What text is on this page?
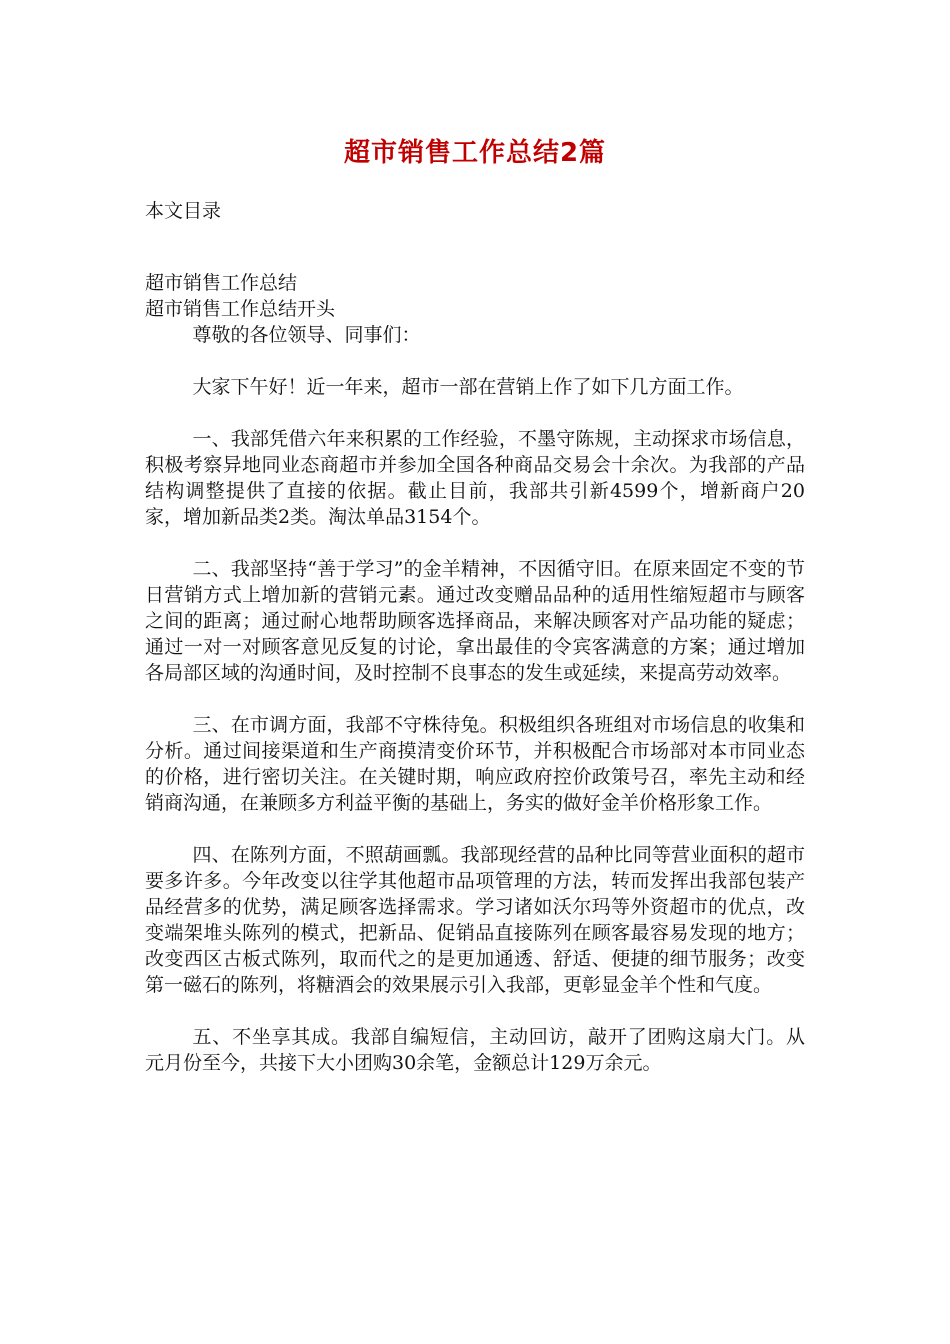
超市销售工作总结2篇
本文目录
超市销售工作总结
超市销售工作总结开头

尊敬的各位领导、同事们：

大家下午好！近一年来，超市一部在营销上作了如下几方面工作。

一、我部凭借六年来积累的工作经验，不墨守陈规，主动探求市场信息，积极考察异地同业态商超市并参加全国各种商品交易会十余次。为我部的产品结构调整提供了直接的依据。截止目前，我部共引新4599个，增新商户20家，增加新品类2类。淘汰单品3154个。

二、我部坚持“善于学习”的金羊精神，不因循守旧。在原来固定不变的节日营销方式上增加新的营销元素。通过改变赠品品种的适用性缩短超市与顾客之间的距离；通过耐心地帮助顾客选择商品，来解决顾客对产品功能的疑虑；通过一对一对顾客意见反复的讨论，拿出最佳的令宾客满意的方案；通过增加各局部区域的沟通时间，及时控制不良事态的发生或延续，来提高劳动效率。

三、在市调方面，我部不守株待兔。积极组织各班组对市场信息的收集和分析。通过间接渠道和生产商摸清变价环节，并积极配合市场部对本市同业态的价格，进行密切关注。在关键时期，响应政府控价政策号召，率先主动和经销商沟通，在兼顾多方利益平衡的基础上，务实的做好金羊价格形象工作。

四、在陈列方面，不照葫画瓢。我部现经营的品种比同等营业面积的超市要多许多。今年改变以往学其他超市品项管理的方法，转而发挥出我部包装产品经营多的优势，满足顾客选择需求。学习诸如沃尔玛等外资超市的优点，改变端架堆头陈列的模式，把新品、促销品直接陈列在顾客最容易发现的地方；改变西区古板式陈列，取而代之的是更加通透、舒适、便捷的细节服务；改变第一磁石的陈列，将糖酒会的效果展示引入我部，更彰显金羊个性和气度。

五、不坐享其成。我部自编短信，主动回访，敲开了团购这扇大门。从 元月份至今，共接下大小团购30余笔，金额总计129万余元。
